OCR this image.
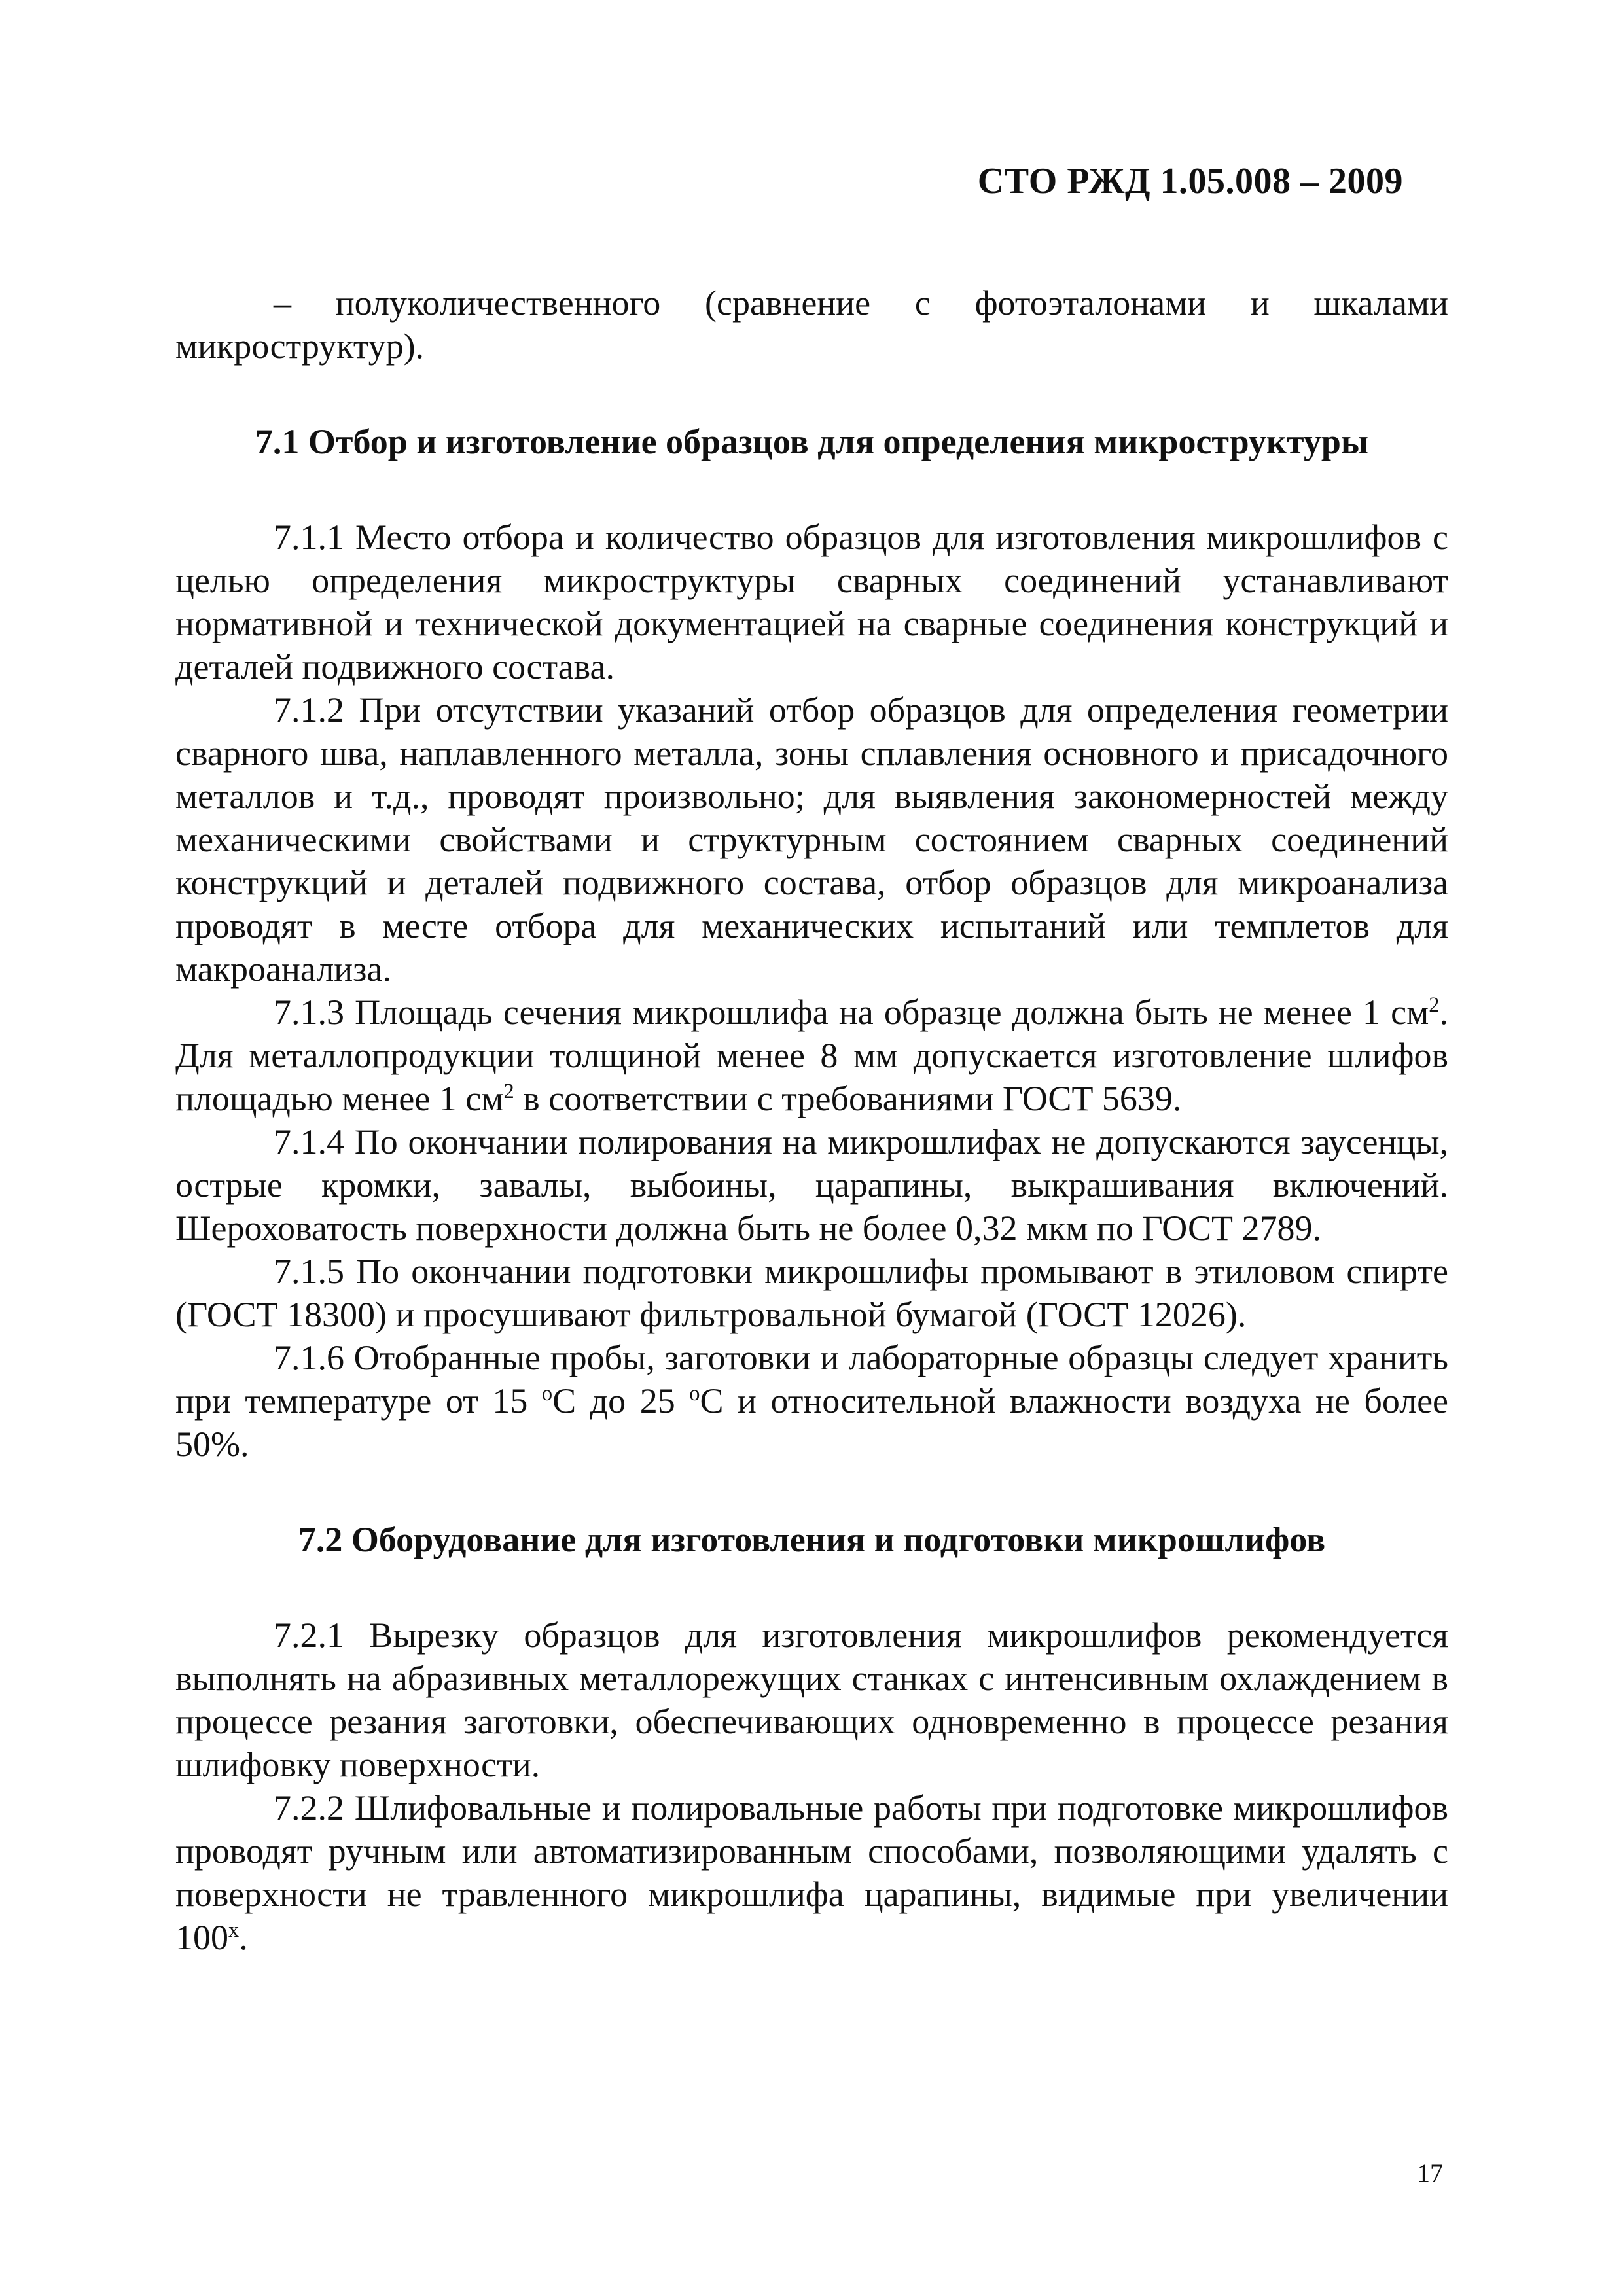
СТО РЖД 1.05.008 – 2009

– полуколичественного (сравнение с фотоэталонами и шкалами микроструктур).

7.1 Отбор и изготовление образцов для определения микроструктуры

7.1.1 Место отбора и количество образцов для изготовления микрошлифов с целью определения микроструктуры сварных соединений устанавливают нормативной и технической документацией на сварные соединения конструкций и деталей подвижного состава.

7.1.2 При отсутствии указаний отбор образцов для определения геометрии сварного шва, наплавленного металла, зоны сплавления основного и присадочного металлов и т.д., проводят произвольно; для выявления закономерностей между механическими свойствами и структурным состоянием сварных соединений конструкций и деталей подвижного состава, отбор образцов для микроанализа проводят в месте отбора для механических испытаний или темплетов для макроанализа.

7.1.3 Площадь сечения микрошлифа на образце должна быть не менее 1 $см^2$. Для металлопродукции толщиной менее 8 мм допускается изготовление шлифов площадью менее 1 $см^2$ в соответствии с требованиями ГОСТ 5639.

7.1.4 По окончании полирования на микрошлифах не допускаются заусенцы, острые кромки, завалы, выбоины, царапины, выкрашивания включений. Шероховатость поверхности должна быть не более 0,32 мкм по ГОСТ 2789.

7.1.5 По окончании подготовки микрошлифы промывают в этиловом спирте (ГОСТ 18300) и просушивают фильтровальной бумагой (ГОСТ 12026).

7.1.6 Отобранные пробы, заготовки и лабораторные образцы следует хранить при температуре от 15 $^о$С до 25 $^о$С и относительной влажности воздуха не более 50%.

7.2 Оборудование для изготовления и подготовки микрошлифов

7.2.1 Вырезку образцов для изготовления микрошлифов рекомендуется выполнять на абразивных металлорежущих станках с интенсивным охлаждением в процессе резания заготовки, обеспечивающих одновременно в процессе резания шлифовку поверхности.

7.2.2 Шлифовальные и полировальные работы при подготовке микрошлифов проводят ручным или автоматизированным способами, позволяющими удалять с поверхности не травленного микрошлифа царапины, видимые при увеличении $100^х$.

17
